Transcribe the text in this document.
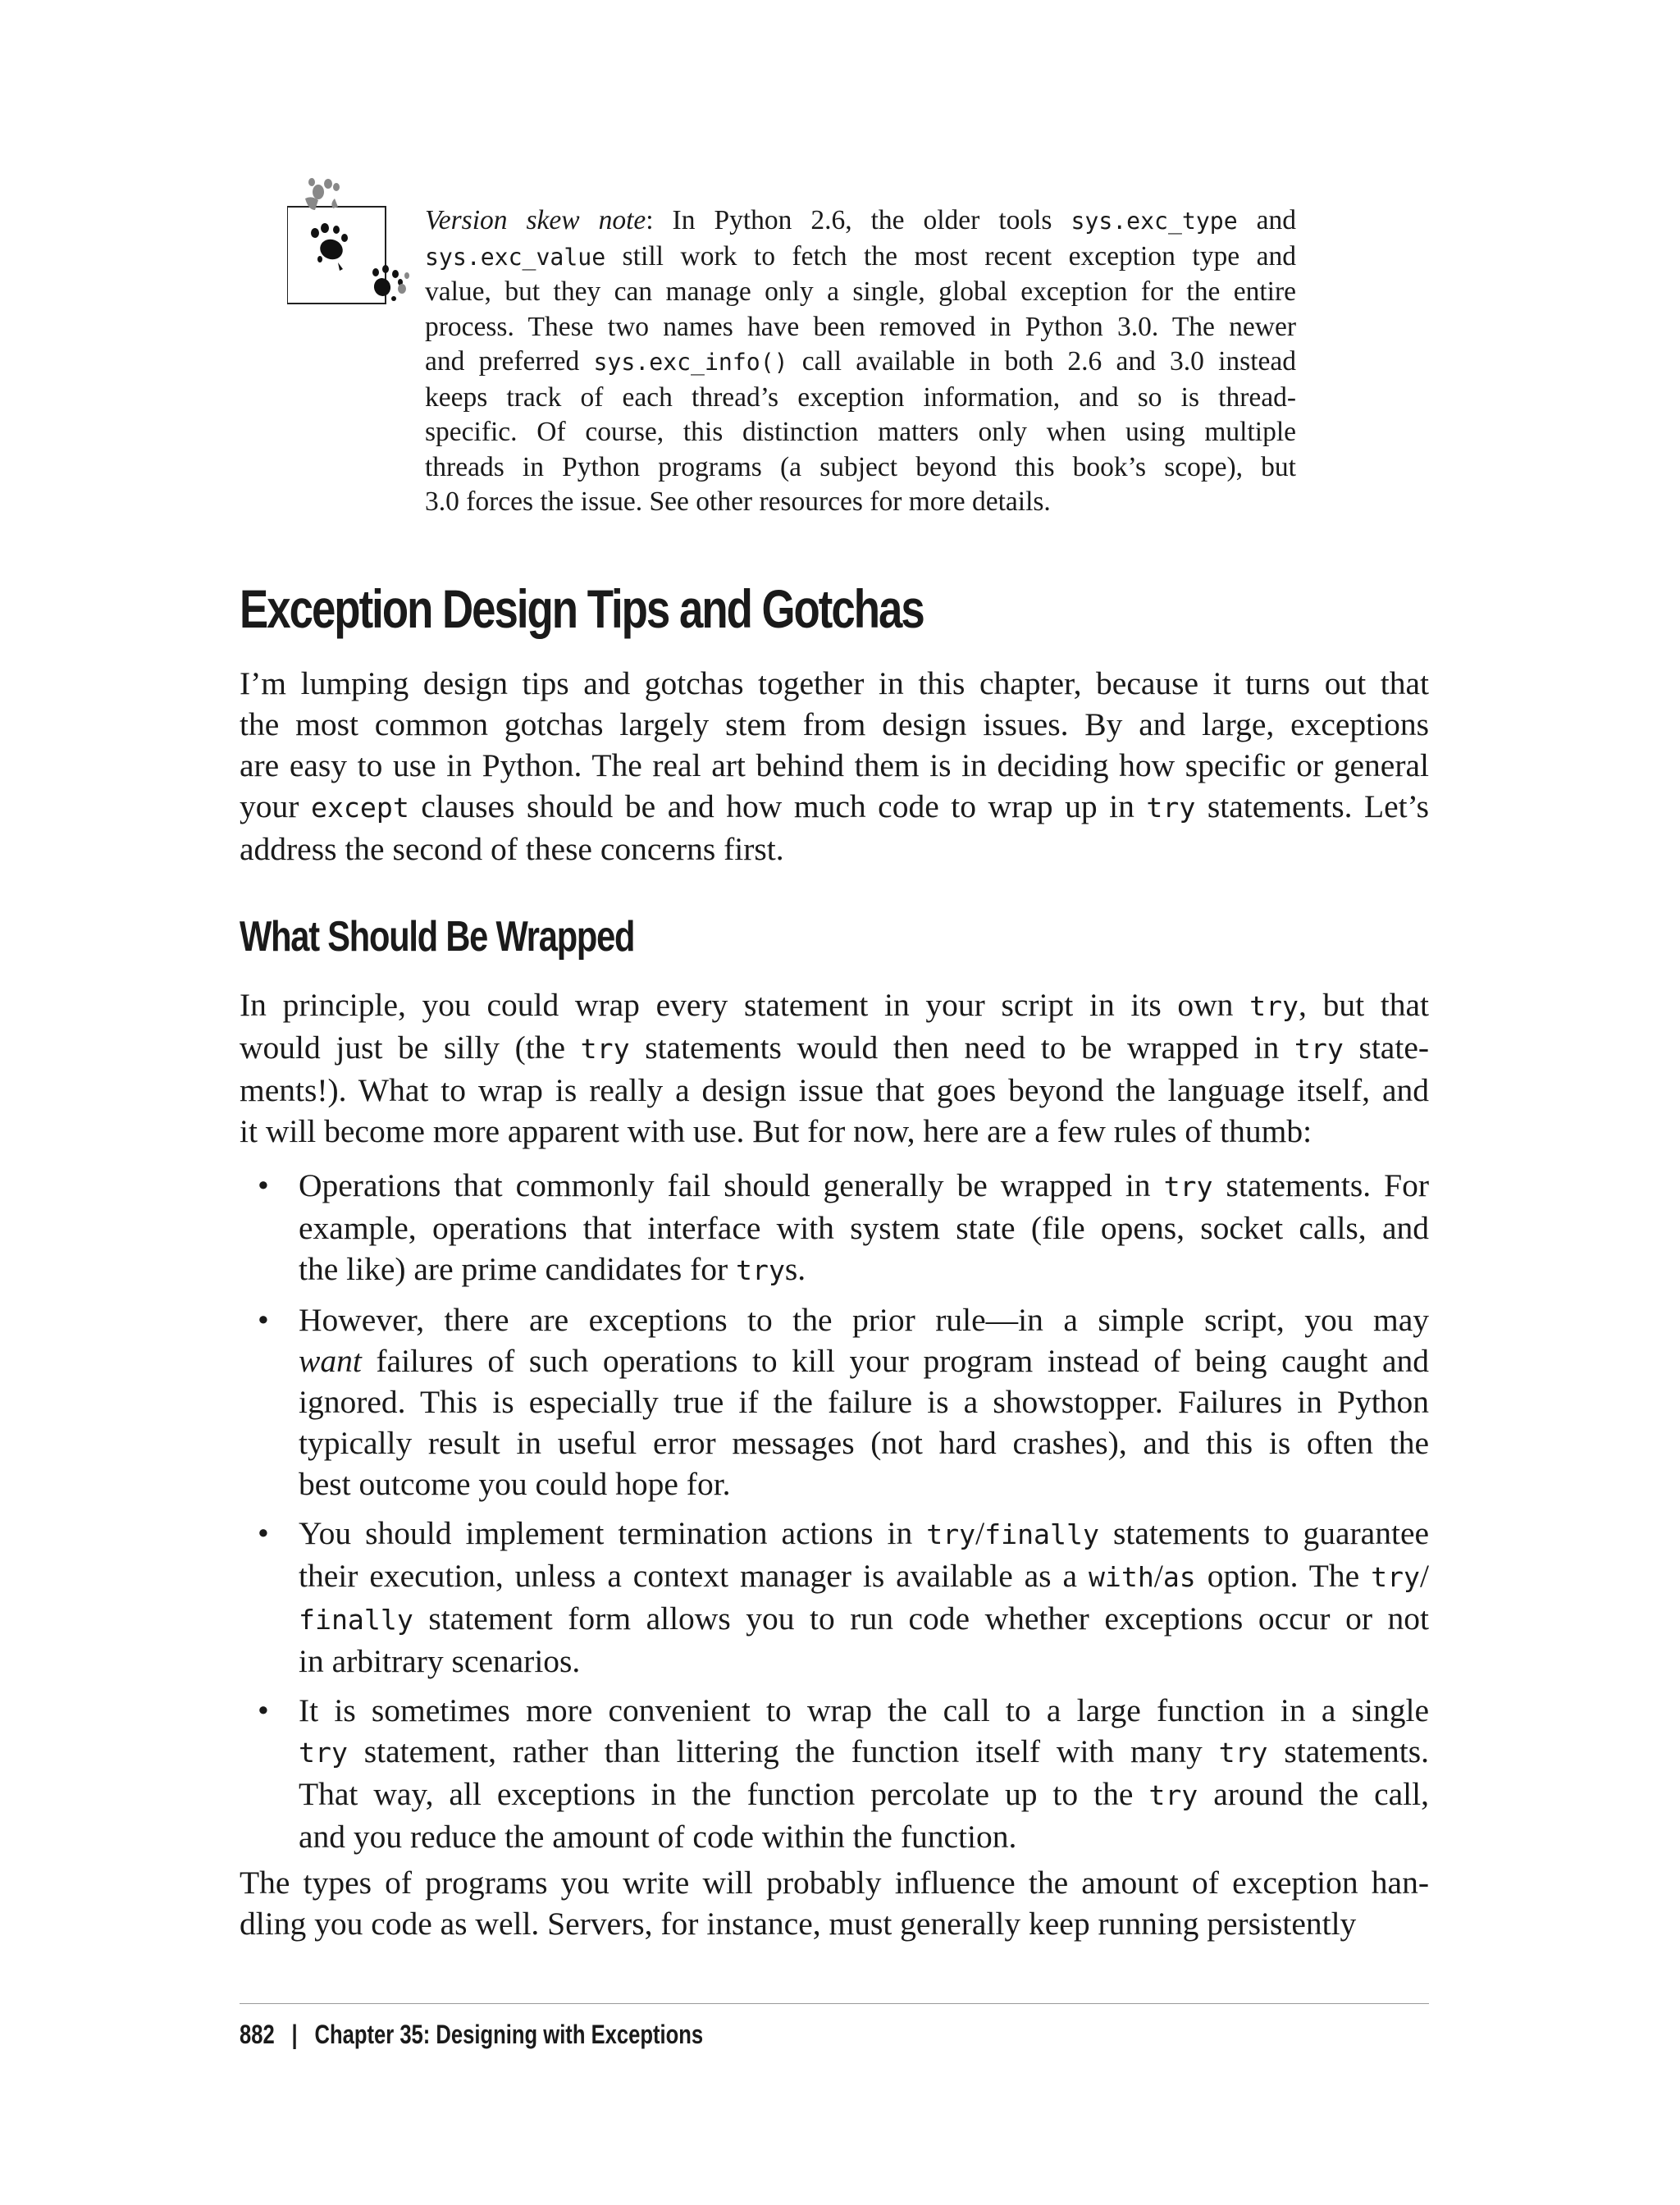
Version skew note: In Python 2.6, the older tools sys.exc_type and
sys.exc_value still work to fetch the most recent exception type and
value, but they can manage only a single, global exception for the entire
process. These two names have been removed in Python 3.0. The newer
and preferred sys.exc_info() call available in both 2.6 and 3.0 instead
keeps track of each thread’s exception information, and so is thread-
specific. Of course, this distinction matters only when using multiple
threads in Python programs (a subject beyond this book’s scope), but
3.0 forces the issue. See other resources for more details.
Exception Design Tips and Gotchas
I’m lumping design tips and gotchas together in this chapter, because it turns out that
the most common gotchas largely stem from design issues. By and large, exceptions
are easy to use in Python. The real art behind them is in deciding how specific or general
your except clauses should be and how much code to wrap up in try statements. Let’s
address the second of these concerns first.
What Should Be Wrapped
In principle, you could wrap every statement in your script in its own try, but that
would just be silly (the try statements would then need to be wrapped in try state-
ments!). What to wrap is really a design issue that goes beyond the language itself, and
it will become more apparent with use. But for now, here are a few rules of thumb:
• Operations that commonly fail should generally be wrapped in try statements. For
example, operations that interface with system state (file opens, socket calls, and
the like) are prime candidates for trys.
• However, there are exceptions to the prior rule—in a simple script, you may
want failures of such operations to kill your program instead of being caught and
ignored. This is especially true if the failure is a showstopper. Failures in Python
typically result in useful error messages (not hard crashes), and this is often the
best outcome you could hope for.
• You should implement termination actions in try/finally statements to guarantee
their execution, unless a context manager is available as a with/as option. The try/
finally statement form allows you to run code whether exceptions occur or not
in arbitrary scenarios.
• It is sometimes more convenient to wrap the call to a large function in a single
try statement, rather than littering the function itself with many try statements.
That way, all exceptions in the function percolate up to the try around the call,
and you reduce the amount of code within the function.
The types of programs you write will probably influence the amount of exception han-
dling you code as well. Servers, for instance, must generally keep running persistently
882 | Chapter 35: Designing with Exceptions
